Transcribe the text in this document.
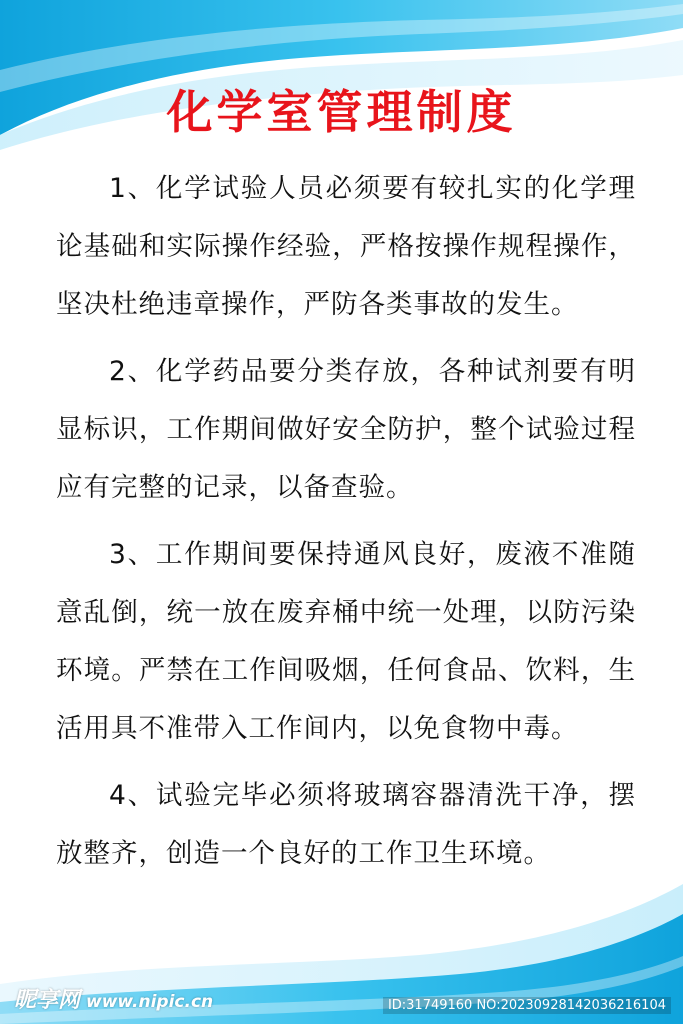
化学室管理制度

1、化学试验人员必须要有较扎实的化学理论基础和实际操作经验，严格按操作规程操作，坚决杜绝违章操作，严防各类事故的发生。

2、化学药品要分类存放，各种试剂要有明显标识，工作期间做好安全防护，整个试验过程应有完整的记录，以备查验。

3、工作期间要保持通风良好，废液不准随意乱倒，统一放在废弃桶中统一处理，以防污染环境。严禁在工作间吸烟，任何食品、饮料，生活用具不准带入工作间内，以免食物中毒。

4、试验完毕必须将玻璃容器清洗干净，摆放整齐，创造一个良好的工作卫生环境。

昵享网 www.nipic.cn	ID:31749160 NO:20230928142036216104
